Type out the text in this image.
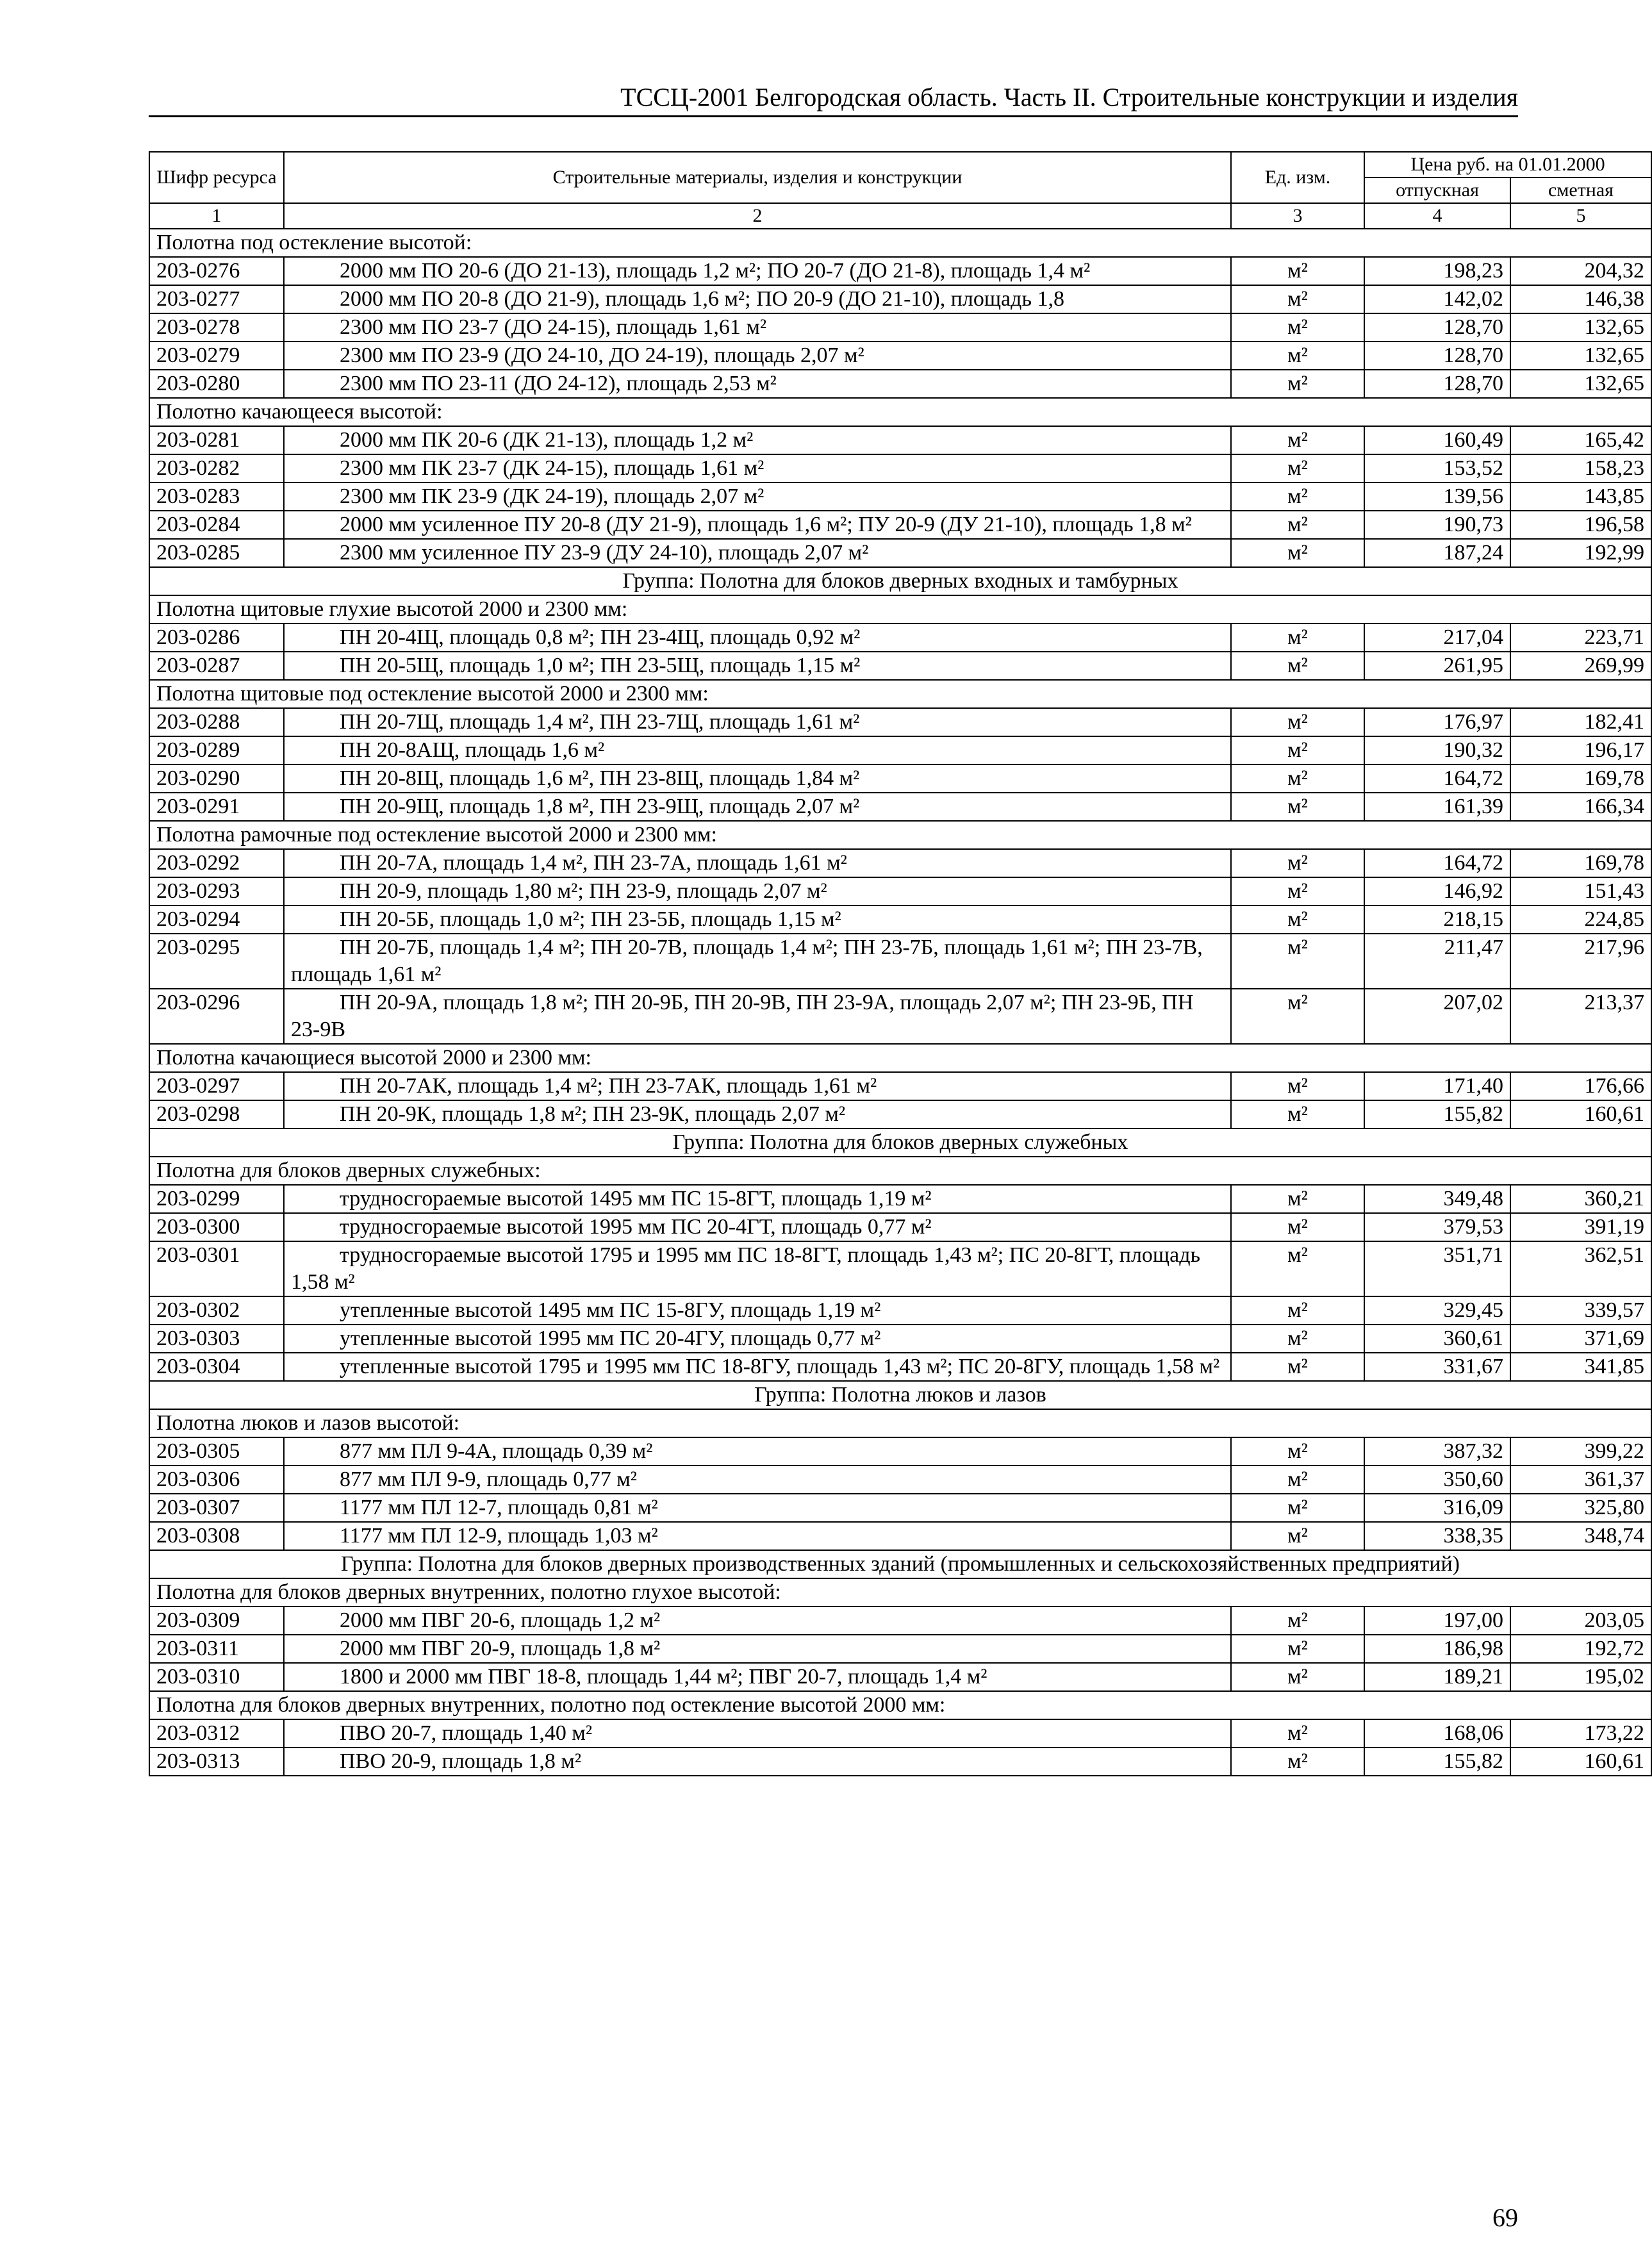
ТССЦ-2001 Белгородская область. Часть II. Строительные конструкции и изделия
Шифр ресурса	Строительные материалы, изделия и конструкции	Ед. изм.	Цена руб. на 01.01.2000	
			отпускная	сметная
1	2	3	4	5
Полотна под остекление высотой:				
203-0276	2000 мм ПО 20-6 (ДО 21-13), площадь 1,2 м²; ПО 20-7 (ДО 21-8), площадь 1,4 м²	м²	198,23	204,32
203-0277	2000 мм ПО 20-8 (ДО 21-9), площадь 1,6 м²; ПО 20-9 (ДО 21-10), площадь 1,8	м²	142,02	146,38
203-0278	2300 мм ПО 23-7 (ДО 24-15), площадь 1,61 м²	м²	128,70	132,65
203-0279	2300 мм ПО 23-9 (ДО 24-10, ДО 24-19), площадь 2,07 м²	м²	128,70	132,65
203-0280	2300 мм ПО 23-11 (ДО 24-12), площадь 2,53 м²	м²	128,70	132,65
Полотно качающееся высотой:				
203-0281	2000 мм ПК 20-6 (ДК 21-13), площадь 1,2 м²	м²	160,49	165,42
203-0282	2300 мм ПК 23-7 (ДК 24-15), площадь 1,61 м²	м²	153,52	158,23
203-0283	2300 мм ПК 23-9 (ДК 24-19), площадь 2,07 м²	м²	139,56	143,85
203-0284	2000 мм усиленное ПУ 20-8 (ДУ 21-9), площадь 1,6 м²; ПУ 20-9 (ДУ 21-10), площадь 1,8 м²	м²	190,73	196,58
203-0285	2300 мм усиленное ПУ 23-9 (ДУ 24-10), площадь 2,07 м²	м²	187,24	192,99
Группа: Полотна для блоков дверных входных и тамбурных				
Полотна щитовые глухие высотой 2000 и 2300 мм:				
203-0286	ПН 20-4Щ, площадь 0,8 м²; ПН 23-4Щ, площадь 0,92 м²	м²	217,04	223,71
203-0287	ПН 20-5Щ, площадь 1,0 м²; ПН 23-5Щ, площадь 1,15 м²	м²	261,95	269,99
Полотна щитовые под остекление высотой 2000 и 2300 мм:				
203-0288	ПН 20-7Щ, площадь 1,4 м², ПН 23-7Щ, площадь 1,61 м²	м²	176,97	182,41
203-0289	ПН 20-8АЩ, площадь 1,6 м²	м²	190,32	196,17
203-0290	ПН 20-8Щ, площадь 1,6 м², ПН 23-8Щ, площадь 1,84 м²	м²	164,72	169,78
203-0291	ПН 20-9Щ, площадь 1,8 м², ПН 23-9Щ, площадь 2,07 м²	м²	161,39	166,34
Полотна рамочные под остекление высотой 2000 и 2300 мм:				
203-0292	ПН 20-7А, площадь 1,4 м², ПН 23-7А, площадь 1,61 м²	м²	164,72	169,78
203-0293	ПН 20-9, площадь 1,80 м²; ПН 23-9, площадь 2,07 м²	м²	146,92	151,43
203-0294	ПН 20-5Б, площадь 1,0 м²; ПН 23-5Б, площадь 1,15 м²	м²	218,15	224,85
203-0295	ПН 20-7Б, площадь 1,4 м²; ПН 20-7В, площадь 1,4 м²; ПН 23-7Б, площадь 1,61 м²; ПН 23-7В, площадь 1,61 м²	м²	211,47	217,96
203-0296	ПН 20-9А, площадь 1,8 м²; ПН 20-9Б, ПН 20-9В, ПН 23-9А, площадь 2,07 м²; ПН 23-9Б, ПН 23-9В	м²	207,02	213,37
Полотна качающиеся высотой 2000 и 2300 мм:				
203-0297	ПН 20-7АК, площадь 1,4 м²; ПН 23-7АК, площадь 1,61 м²	м²	171,40	176,66
203-0298	ПН 20-9К, площадь 1,8 м²; ПН 23-9К, площадь 2,07 м²	м²	155,82	160,61
Группа: Полотна для блоков дверных служебных				
Полотна для блоков дверных служебных:				
203-0299	трудносгораемые высотой 1495 мм ПС 15-8ГТ, площадь 1,19 м²	м²	349,48	360,21
203-0300	трудносгораемые высотой 1995 мм ПС 20-4ГТ, площадь 0,77 м²	м²	379,53	391,19
203-0301	трудносгораемые высотой 1795 и 1995 мм ПС 18-8ГТ, площадь 1,43 м²; ПС 20-8ГТ, площадь 1,58 м²	м²	351,71	362,51
203-0302	утепленные высотой 1495 мм ПС 15-8ГУ, площадь 1,19 м²	м²	329,45	339,57
203-0303	утепленные высотой 1995 мм ПС 20-4ГУ, площадь 0,77 м²	м²	360,61	371,69
203-0304	утепленные высотой 1795 и 1995 мм ПС 18-8ГУ, площадь 1,43 м²; ПС 20-8ГУ, площадь 1,58 м²	м²	331,67	341,85
Группа: Полотна люков и лазов				
Полотна люков и лазов высотой:				
203-0305	877 мм ПЛ 9-4А, площадь 0,39 м²	м²	387,32	399,22
203-0306	877 мм ПЛ 9-9, площадь 0,77 м²	м²	350,60	361,37
203-0307	1177 мм ПЛ 12-7, площадь 0,81 м²	м²	316,09	325,80
203-0308	1177 мм ПЛ 12-9, площадь 1,03 м²	м²	338,35	348,74
Группа: Полотна для блоков дверных производственных зданий (промышленных и сельскохозяйственных предприятий)				
Полотна для блоков дверных внутренних, полотно глухое высотой:				
203-0309	2000 мм ПВГ 20-6, площадь 1,2 м²	м²	197,00	203,05
203-0311	2000 мм ПВГ 20-9, площадь 1,8 м²	м²	186,98	192,72
203-0310	1800 и 2000 мм ПВГ 18-8, площадь 1,44 м²; ПВГ 20-7, площадь 1,4 м²	м²	189,21	195,02
Полотна для блоков дверных внутренних, полотно под остекление высотой 2000 мм:				
203-0312	ПВО 20-7, площадь 1,40 м²	м²	168,06	173,22
203-0313	ПВО 20-9, площадь 1,8 м²	м²	155,82	160,61
69
